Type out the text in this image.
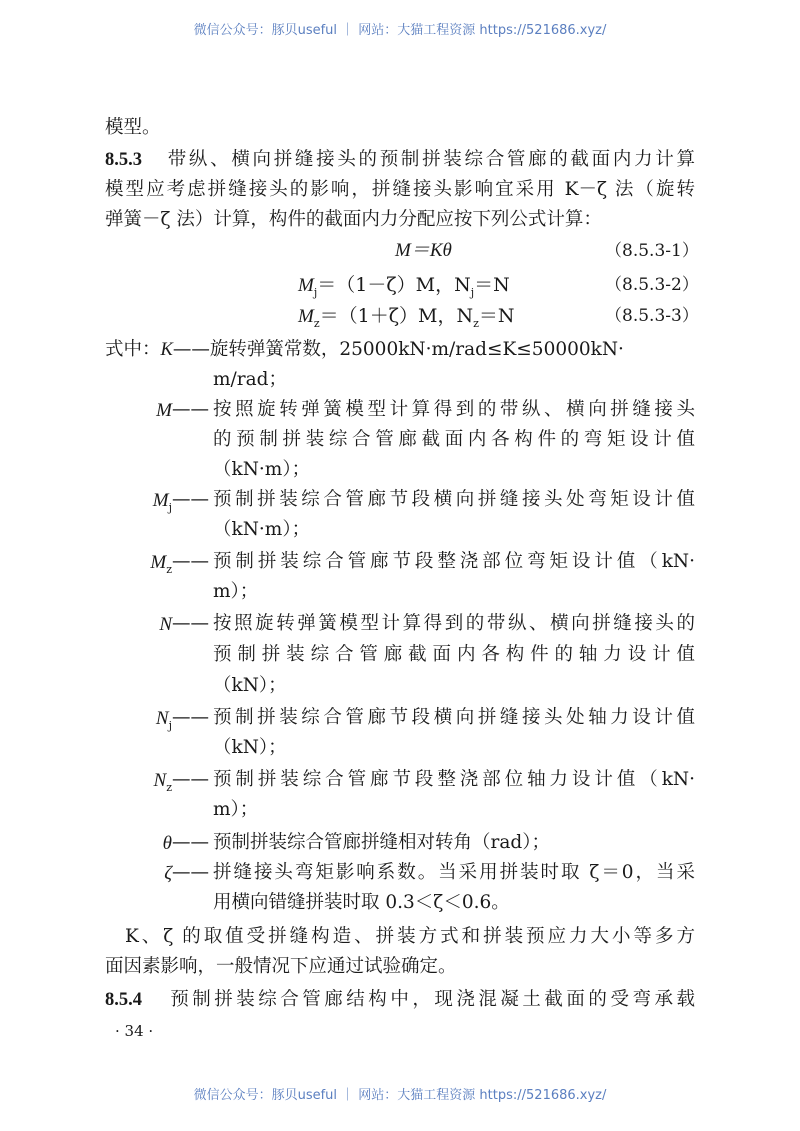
微信公众号：豚贝useful ｜ 网站：大猫工程资源 https://521686.xyz/
模型。
8.5.3 带纵、横向拼缝接头的预制拼装综合管廊的截面内力计算
模型应考虑拼缝接头的影响，拼缝接头影响宜采用 K－ζ 法（旋转
弹簧－ζ 法）计算，构件的截面内力分配应按下列公式计算：
M＝Kθ	（8.5.3-1）
$M_j=(1-\zeta)M$，$N_j=N$	（8.5.3-2）
$M_z=(1+\zeta)M$，$N_z=N$	（8.5.3-3）
式中：K——旋转弹簧常数，25000kN·m/rad≤K≤50000kN·
m/rad；
M —— 按照旋转弹簧模型计算得到的带纵、横向拼缝接头
的预制拼装综合管廊截面内各构件的弯矩设计值
（kN·m）；
$M_j$ —— 预制拼装综合管廊节段横向拼缝接头处弯矩设计值
（kN·m）；
$M_z$ —— 预制拼装综合管廊节段整浇部位弯矩设计值（kN·
m）；
N —— 按照旋转弹簧模型计算得到的带纵、横向拼缝接头的
预制拼装综合管廊截面内各构件的轴力设计值
（kN）；
$N_j$ —— 预制拼装综合管廊节段横向拼缝接头处轴力设计值
（kN）；
$N_z$ —— 预制拼装综合管廊节段整浇部位轴力设计值（kN·
m）；
θ —— 预制拼装综合管廊拼缝相对转角（rad）；
ζ —— 拼缝接头弯矩影响系数。当采用拼装时取 ζ＝0，当采
用横向错缝拼装时取 0.3＜ζ＜0.6。
K、ζ 的取值受拼缝构造、拼装方式和拼装预应力大小等多方
面因素影响，一般情况下应通过试验确定。
8.5.4 预制拼装综合管廊结构中，现浇混凝土截面的受弯承载
· 34 ·
微信公众号：豚贝useful ｜ 网站：大猫工程资源 https://521686.xyz/
